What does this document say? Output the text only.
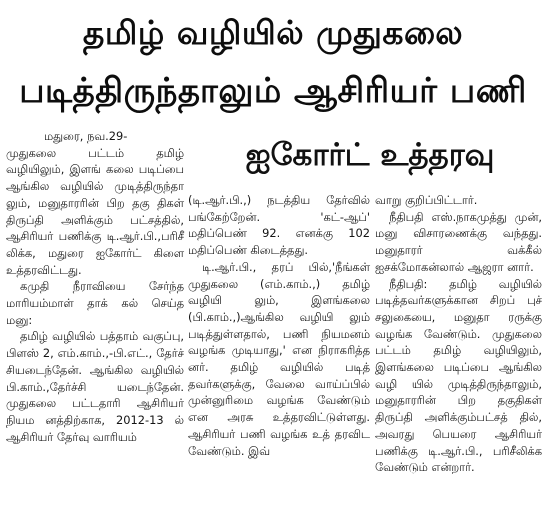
தமிழ் வழியில் முதுகலை
படித்திருந்தாலும் ஆசிரியர் பணி
ஐகோர்ட் உத்தரவு

மதுரை, நவ.29-

முதுகலை பட்டம் தமிழ் வழியிலும், இளங் கலை படிப்பை ஆங்கில வழியில் முடித்திருந்தா லும், மனுதாரரின் பிற தகு திகள் திருப்தி அளிக்கும் பட்சத்தில், ஆசிரியர் பணிக்கு டி.ஆர்.பி.,பரிசீ லிக்க, மதுரை ஐகோர்ட் கிளை உத்தரவிட்டது.

கமுதி நீராவியை சேர்ந்த மாரியம்மாள் தாக் கல் செய்த மனு:

தமிழ் வழியில் பத்தாம் வகுப்பு, பிளஸ் 2, எம்.காம்.,-பி.எட்., தேர்ச் சியடைந்தேன். ஆங்கில வழியில் பி.காம்.,தேர்ச்சி யடைந்தேன். முதுகலை பட்டதாரி ஆசிரியர் நியம னத்திற்காக, 2012-13 ல் ஆசிரியர் தேர்வு வாரியம்

(டி.ஆர்.பி.,) நடத்திய தேர்வில் பங்கேற்றேன். 'கட்-ஆப்' மதிப்பெண் 92. எனக்கு 102 மதிப்பெண் கிடைத்தது.

டி.ஆர்.பி., தரப் பில்,'நீங்கள் முதுகலை (எம்.காம்.,) தமிழ் வழியி லும், இளங்கலை (பி.காம்.,)ஆங்கில வழியி லும் படித்துள்ளதால், பணி நியமனம் வழங்க முடியாது,' என நிராகரித்த னர். தமிழ் வழியில் படித் தவர்களுக்கு, வேலை வாய்ப்பில் முன்னுரிமை வழங்க வேண்டும் என அரசு உத்தரவிட்டுள்ளது. ஆசிரியர் பணி வழங்க உத் தரவிட வேண்டும். இவ்

வாறு குறிப்பிட்டார்.

நீதிபதி எஸ்.நாகமுத்து முன், மனு விசாரணைக்கு வந்தது. மனுதாரர் வக்கீல் ஐசக்மோகன்லால் ஆஜரா னார்.

நீதிபதி: தமிழ் வழியில் படித்தவர்களுக்கான சிறப் புச் சலுகையை, மனுதா ரருக்கு வழங்க வேண்டும். முதுகலை பட்டம் தமிழ் வழியிலும், இளங்கலை படிப்பை ஆங்கில வழி யில் முடித்திருந்தாலும், மனுதாரரின் பிற தகுதிகள் திருப்தி அளிக்கும்பட்சத் தில், அவரது பெயரை ஆசிரியர் பணிக்கு டி.ஆர்.பி., பரிசீலிக்க வேண்டும் என்றார்.
